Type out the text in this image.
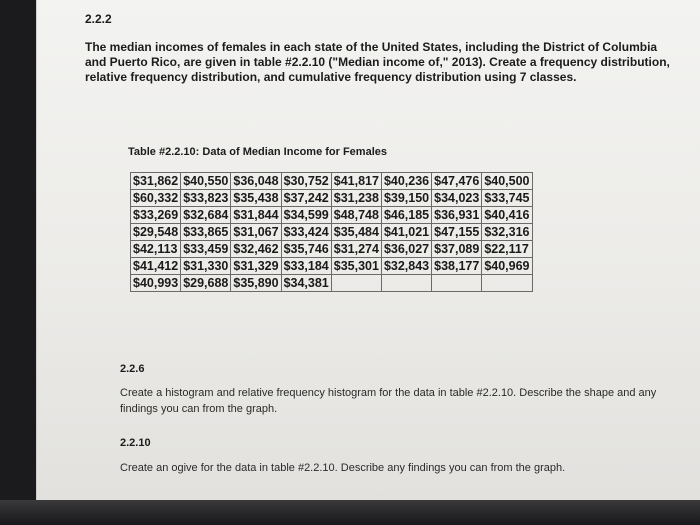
2.2.2

The median incomes of females in each state of the United States, including the District of Columbia and Puerto Rico, are given in table #2.2.10 ("Median income of," 2013). Create a frequency distribution, relative frequency distribution, and cumulative frequency distribution using 7 classes.

Table #2.2.10: Data of Median Income for Females
$31,862	$40,550	$36,048	$30,752	$41,817	$40,236	$47,476	$40,500
$60,332	$33,823	$35,438	$37,242	$31,238	$39,150	$34,023	$33,745
$33,269	$32,684	$31,844	$34,599	$48,748	$46,185	$36,931	$40,416
$29,548	$33,865	$31,067	$33,424	$35,484	$41,021	$47,155	$32,316
$42,113	$33,459	$32,462	$35,746	$31,274	$36,027	$37,089	$22,117
$41,412	$31,330	$31,329	$33,184	$35,301	$32,843	$38,177	$40,969
$40,993	$29,688	$35,890	$34,381				
2.2.6

Create a histogram and relative frequency histogram for the data in table #2.2.10. Describe the shape and any findings you can from the graph.

2.2.10

Create an ogive for the data in table #2.2.10. Describe any findings you can from the graph.
